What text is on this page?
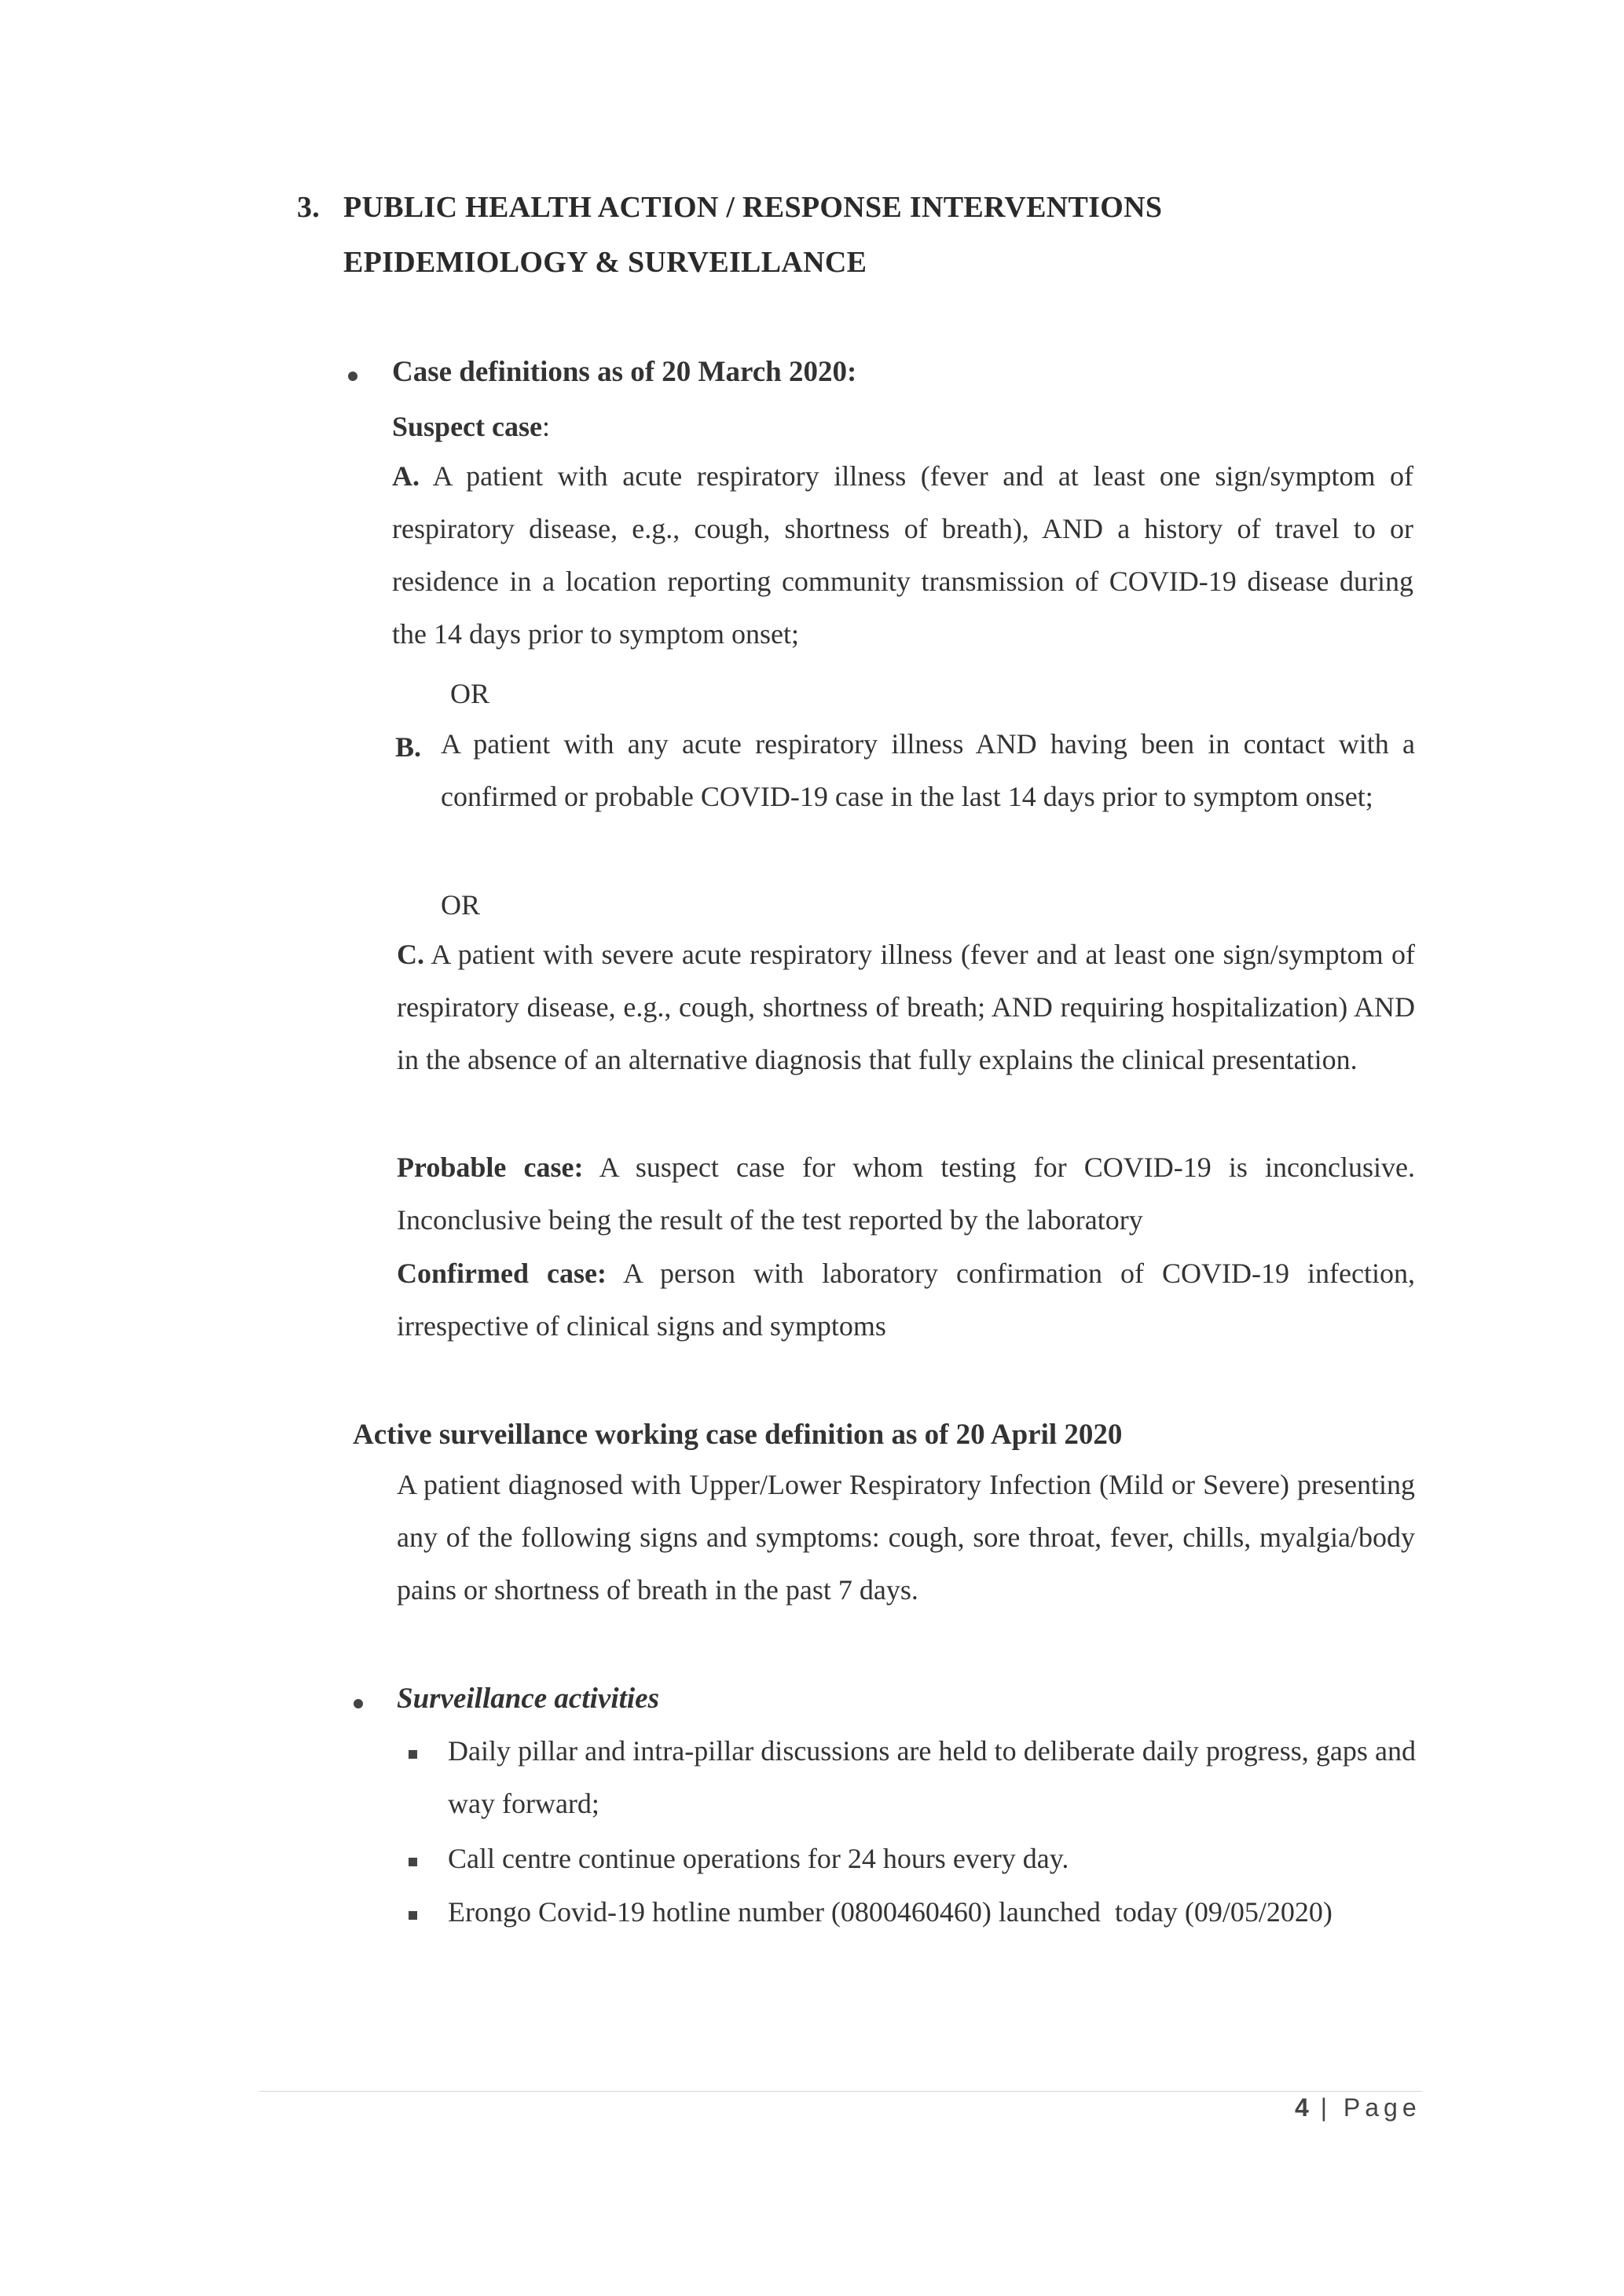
3. PUBLIC HEALTH ACTION / RESPONSE INTERVENTIONS
EPIDEMIOLOGY & SURVEILLANCE
Case definitions as of 20 March 2020:
Suspect case:
A. A patient with acute respiratory illness (fever and at least one sign/symptom of respiratory disease, e.g., cough, shortness of breath), AND a history of travel to or residence in a location reporting community transmission of COVID-19 disease during the 14 days prior to symptom onset;
OR
B. A patient with any acute respiratory illness AND having been in contact with a confirmed or probable COVID-19 case in the last 14 days prior to symptom onset;
OR
C. A patient with severe acute respiratory illness (fever and at least one sign/symptom of respiratory disease, e.g., cough, shortness of breath; AND requiring hospitalization) AND in the absence of an alternative diagnosis that fully explains the clinical presentation.
Probable case: A suspect case for whom testing for COVID-19 is inconclusive. Inconclusive being the result of the test reported by the laboratory
Confirmed case: A person with laboratory confirmation of COVID-19 infection, irrespective of clinical signs and symptoms
Active surveillance working case definition as of 20 April 2020
A patient diagnosed with Upper/Lower Respiratory Infection (Mild or Severe) presenting any of the following signs and symptoms: cough, sore throat, fever, chills, myalgia/body pains or shortness of breath in the past 7 days.
Surveillance activities
Daily pillar and intra-pillar discussions are held to deliberate daily progress, gaps and way forward;
Call centre continue operations for 24 hours every day.
Erongo Covid-19 hotline number (0800460460) launched  today (09/05/2020)
4 | Page
